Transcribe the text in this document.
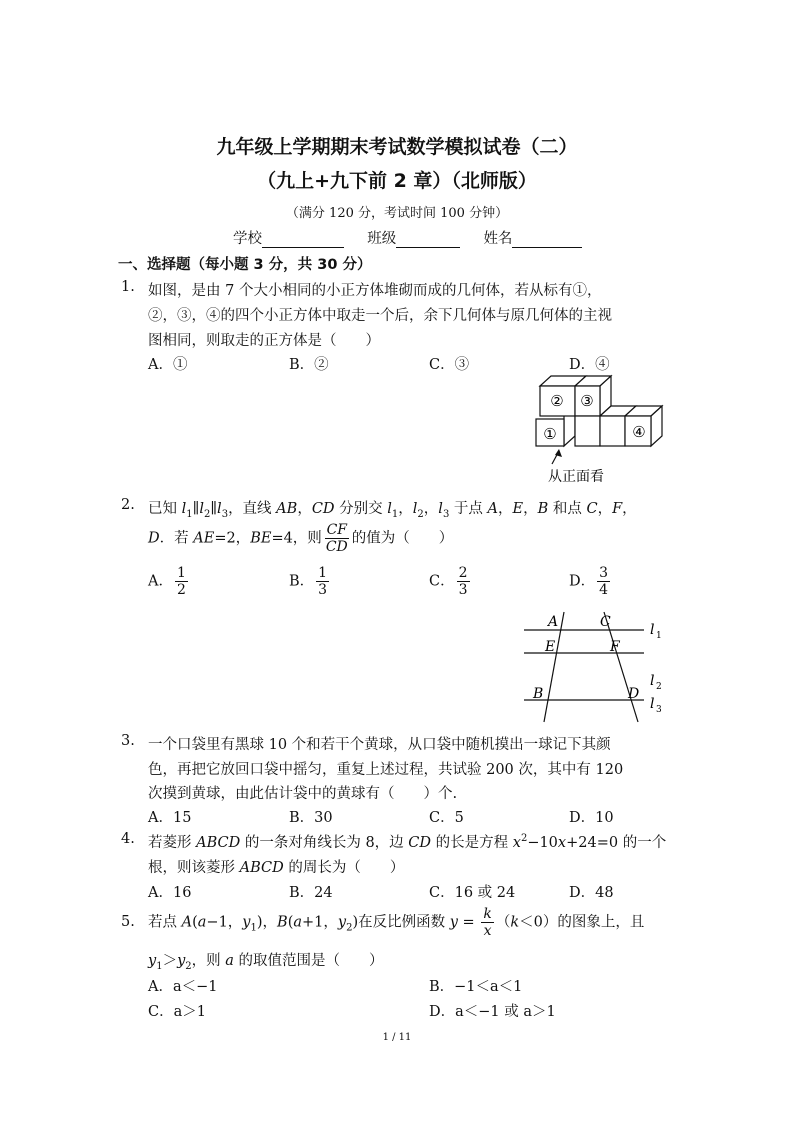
九年级上学期期末考试数学模拟试卷（二）
（九上+九下前 2 章）（北师版）
（满分 120 分，考试时间 100 分钟）
学校	班级	姓名
一、选择题（每小题 3 分，共 30 分）
1. 如图，是由 7 个大小相同的小正方体堆砌而成的几何体，若从标有①，
②，③，④的四个小正方体中取走一个后，余下几何体与原几何体的主视
图相同，则取走的正方体是（　　）
A．①	B．②	C．③	D．④
② ③
①	④
从正面看
2. 已知 $l_1\parallel l_2\parallel l_3$，直线 AB，CD 分别交 $l_1$，$l_2$，$l_3$ 于点 A，E，B 和点 C，F，
D．若 AE=2，BE=4，则 $\frac{CF}{CD}$ 的值为（　　）
A． $\frac{1}{2}$	B． $\frac{1}{3}$	C． $\frac{2}{3}$	D． $\frac{3}{4}$
A	C
E	F
B	D
l
l
l
1
2
3
3. 一个口袋里有黑球 10 个和若干个黄球，从口袋中随机摸出一球记下其颜
色，再把它放回口袋中摇匀，重复上述过程，共试验 200 次，其中有 120
次摸到黄球，由此估计袋中的黄球有（　　）个.
A．15	B．30	C．5	D．10
4. 若菱形 ABCD 的一条对角线长为 8，边 CD 的长是方程 $x^2-10x+24=0$ 的一个
根，则该菱形 ABCD 的周长为（　　）
A．16	B．24	C．16 或 24	D．48
5. 若点 A(a−1，$y_1$)，B(a+1，$y_2$)在反比例函数 $y = \frac{k}{x} (k<0)$的图象上，且
$y_1>y_2$，则 a 的取值范围是（　　）
A．a＜−1	B．−1＜a＜1
C．a＞1	D．a＜−1 或 a＞1
1 / 11
